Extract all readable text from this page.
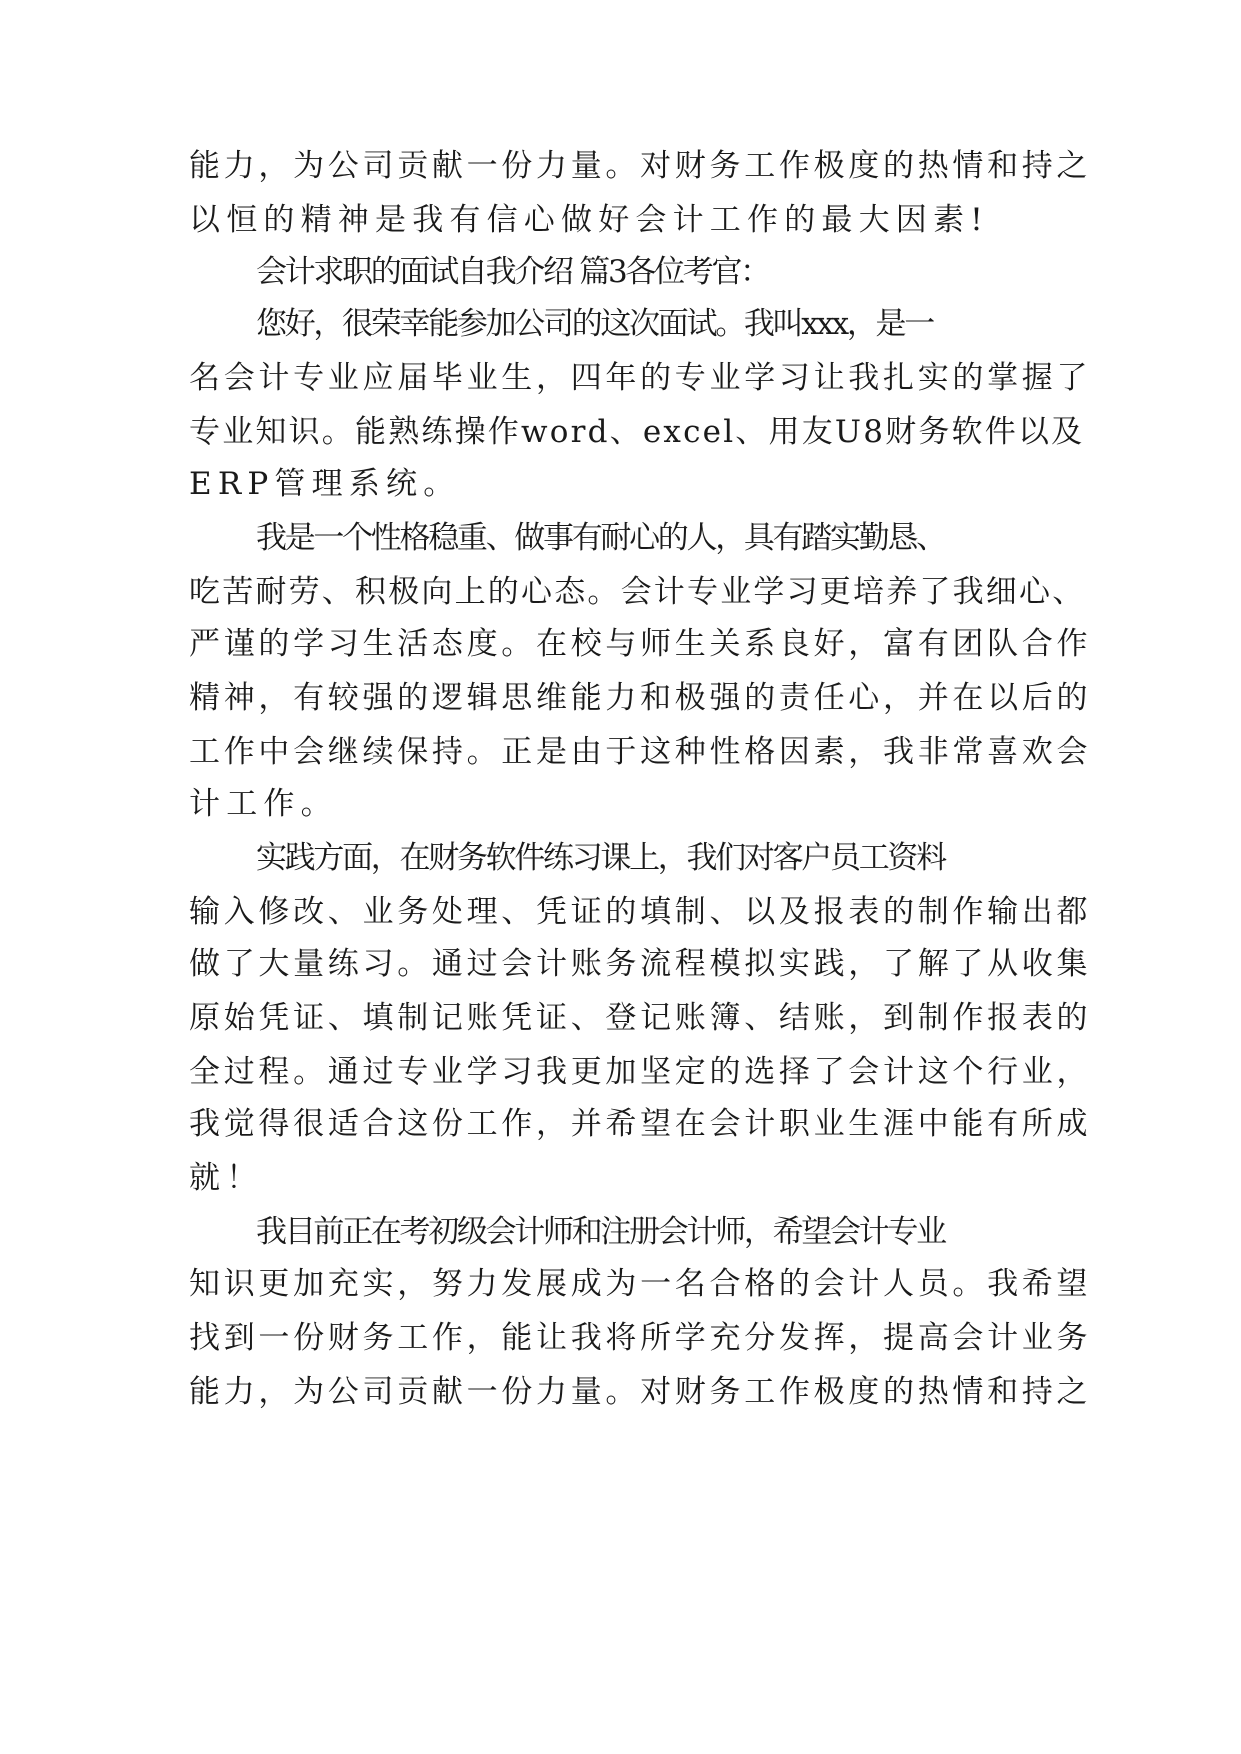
能力，为公司贡献一份力量。对财务工作极度的热情和持之

以恒的精神是我有信心做好会计工作的最大因素!

会计求职的面试自我介绍 篇3各位考官：

您好，很荣幸能参加公司的这次面试。我叫xxx，是一

名会计专业应届毕业生，四年的专业学习让我扎实的掌握了

专业知识。能熟练操作word、excel、用友U8财务软件以及

ERP管理系统。

我是一个性格稳重、做事有耐心的人，具有踏实勤恳、

吃苦耐劳、积极向上的心态。会计专业学习更培养了我细心、

严谨的学习生活态度。在校与师生关系良好，富有团队合作

精神，有较强的逻辑思维能力和极强的责任心，并在以后的

工作中会继续保持。正是由于这种性格因素，我非常喜欢会

计工作。

实践方面，在财务软件练习课上，我们对客户员工资料

输入修改、业务处理、凭证的填制、以及报表的制作输出都

做了大量练习。通过会计账务流程模拟实践，了解了从收集

原始凭证、填制记账凭证、登记账簿、结账，到制作报表的

全过程。通过专业学习我更加坚定的选择了会计这个行业，

我觉得很适合这份工作，并希望在会计职业生涯中能有所成

就！

我目前正在考初级会计师和注册会计师，希望会计专业

知识更加充实，努力发展成为一名合格的会计人员。我希望

找到一份财务工作，能让我将所学充分发挥，提高会计业务

能力，为公司贡献一份力量。对财务工作极度的热情和持之
